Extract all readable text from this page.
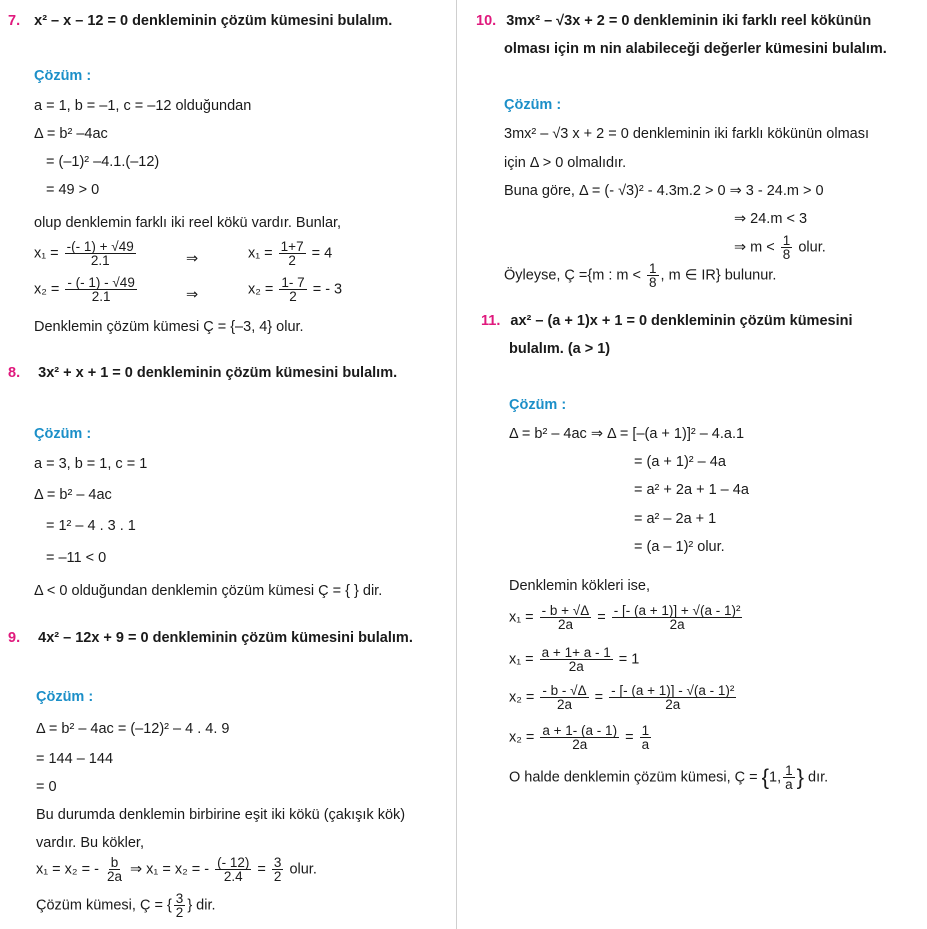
7. x² – x – 12 = 0 denkleminin çözüm kümesini bulalım.
Çözüm :
a = 1, b = –1, c = –12 olduğundan
Δ = b² –4ac
= (–1)² –4.1.(–12)
= 49 > 0
olup denklemin farklı iki reel kökü vardır. Bunlar,
$x_1 = \frac{-(- 1) + √49}{2.1}$	⇒	$x_1 = \frac{1+7}{2} = 4$
$x_2 = \frac{- (- 1) - √49}{2.1}$	⇒	$x_2 = \frac{1- 7}{2}$ = - 3
Denklemin çözüm kümesi Ç = {–3, 4} olur.
8. 3x² + x + 1 = 0 denkleminin çözüm kümesini bulalım.
Çözüm :
a = 3, b = 1, c = 1
Δ = b² – 4ac
= 1² – 4 . 3 . 1
= –11 < 0
Δ < 0 olduğundan denklemin çözüm kümesi Ç = { } dir.
9. 4x² – 12x + 9 = 0 denkleminin çözüm kümesini bulalım.
Çözüm :
Δ = b² – 4ac = (–12)² – 4 . 4. 9
= 144 – 144
= 0
Bu durumda denklemin birbirine eşit iki kökü (çakışık kök)
vardır. Bu kökler,
x₁ = x₂ = - $\frac{b}{2a}$ ⇒ x₁ = x₂ = - $\frac{(- 12)}{2.4} = \frac{3}{2}$ olur.
Çözüm kümesi, Ç = { $\frac{3}{2}$ } dir.
10. 3mx² – √3x + 2 = 0 denkleminin iki farklı reel kökünün
olması için m nin alabileceği değerler kümesini bulalım.
Çözüm :
3mx² – √3 x + 2 = 0 denkleminin iki farklı kökünün olması
için Δ > 0 olmalıdır.
Buna göre, Δ = (- √3)² - 4.3m.2 > 0 ⇒ 3 - 24.m > 0
⇒ 24.m < 3
⇒ $m < \frac{1}{8}$ olur.
Öyleyse, Ç ={m : $m < \frac{1}{8}$ , m ∈ IR} bulunur.
11. ax² – (a + 1)x + 1 = 0 denkleminin çözüm kümesini
bulalım. (a > 1)
Çözüm :
Δ = b² – 4ac ⇒ Δ = [–(a + 1)]² – 4.a.1
= (a + 1)² – 4a
= a² + 2a + 1 – 4a
= a² – 2a + 1
= (a – 1)² olur.
Denklemin kökleri ise,
$x_1 = \frac{- b + √\Delta}{2a} = \frac{\text{- [- (a + 1)] + √(a - 1)²}}{2a}$
$x_1 = \frac{a + 1+ a - 1}{2a} = 1$
$x_2 = \frac{- b - √\Delta}{2a} = \frac{\text{- [- (a + 1)] - √(a - 1)²}}{2a}$
$x_2 = \frac{a + 1- (a - 1)}{2a} = \frac{1}{a}$
O halde denklemin çözüm kümesi, Ç = {1, $\frac{1}{a}$ } dır.
